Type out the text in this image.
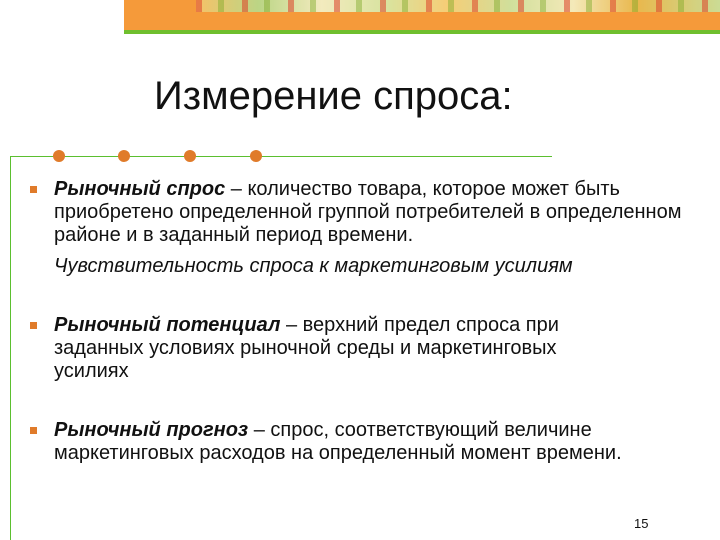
Измерение спроса:
Рыночный спрос – количество товара, которое может быть приобретено определенной группой потребителей в определенном районе и в заданный период времени.
Чувствительность спроса к маркетинговым усилиям
Рыночный потенциал – верхний предел спроса при заданных условиях рыночной среды и маркетинговых усилиях
Рыночный прогноз – спрос, соответствующий величине маркетинговых расходов на определенный момент времени.
15
